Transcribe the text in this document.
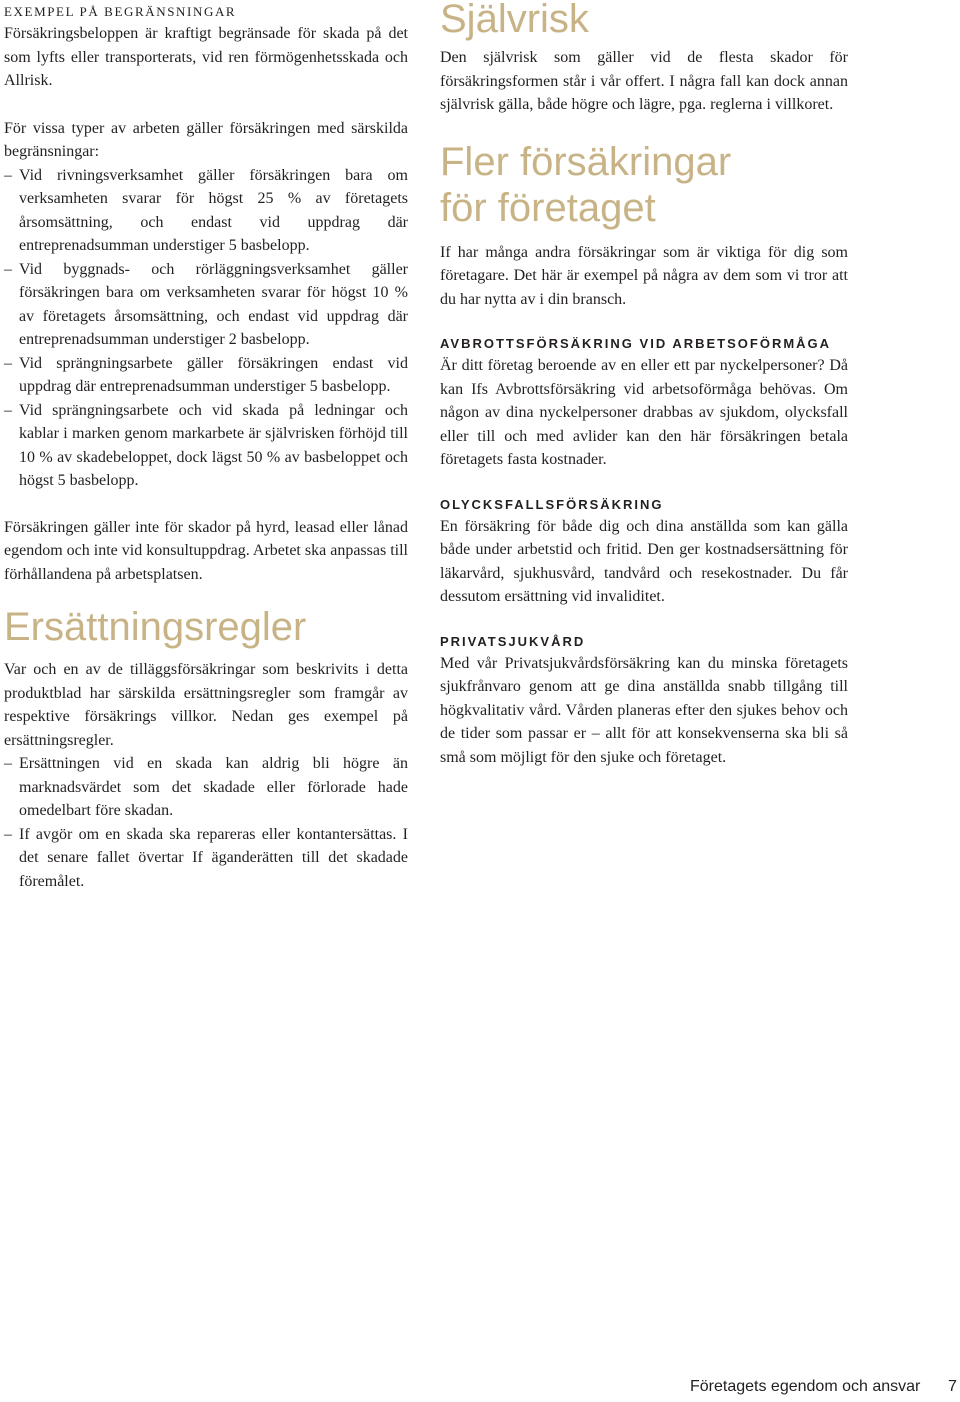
EXEMPEL PÅ BEGRÄNSNINGAR

Försäkringsbeloppen är kraftigt begränsade för skada på det som lyfts eller transporterats, vid ren förmögenhetsskada och Allrisk.

För vissa typer av arbeten gäller försäkringen med särskilda begränsningar:

– Vid rivningsverksamhet gäller försäkringen bara om verksamheten svarar för högst 25 % av företagets årsomsättning, och endast vid uppdrag där entreprenadsumman understiger 5 basbelopp.
– Vid byggnads- och rörläggningsverksamhet gäller försäkringen bara om verksamheten svarar för högst 10 % av företagets årsomsättning, och endast vid uppdrag där entreprenadsumman understiger 2 basbelopp.
– Vid sprängningsarbete gäller försäkringen endast vid uppdrag där entreprenadsumman understiger 5 basbelopp.
– Vid sprängningsarbete och vid skada på ledningar och kablar i marken genom markarbete är självrisken förhöjd till 10 % av skadebeloppet, dock lägst 50 % av basbeloppet och högst 5 basbelopp.

Försäkringen gäller inte för skador på hyrd, leasad eller lånad egendom och inte vid konsultuppdrag. Arbetet ska anpassas till förhållandena på arbetsplatsen.

Ersättningsregler

Var och en av de tilläggsförsäkringar som beskrivits i detta produktblad har särskilda ersättningsregler som framgår av respektive försäkrings villkor. Nedan ges exempel på ersättningsregler.

– Ersättningen vid en skada kan aldrig bli högre än marknadsvärdet som det skadade eller förlorade hade omedelbart före skadan.
– If avgör om en skada ska repareras eller kontantersättas. I det senare fallet övertar If äganderätten till det skadade föremålet.
Självrisk

Den självrisk som gäller vid de flesta skador för försäkringsformen står i vår offert. I några fall kan dock annan självrisk gälla, både högre och lägre, pga. reglerna i villkoret.

Fler försäkringar
för företaget

If har många andra försäkringar som är viktiga för dig som företagare. Det här är exempel på några av dem som vi tror att du har nytta av i din bransch.

AVBROTTSFÖRSÄKRING VID ARBETSOFÖRMÅGA

Är ditt företag beroende av en eller ett par nyckelpersoner? Då kan Ifs Avbrottsförsäkring vid arbetsoförmåga behövas. Om någon av dina nyckelpersoner drabbas av sjukdom, olycksfall eller till och med avlider kan den här försäkringen betala företagets fasta kostnader.

OLYCKSFALLSFÖRSÄKRING

En försäkring för både dig och dina anställda som kan gälla både under arbetstid och fritid. Den ger kostnadsersättning för läkarvård, sjukhusvård, tandvård och resekostnader. Du får dessutom ersättning vid invaliditet.

PRIVATSJUKVÅRD

Med vår Privatsjukvårdsförsäkring kan du minska företagets sjukfrånvaro genom att ge dina anställda snabb tillgång till högkvalitativ vård. Vården planeras efter den sjukes behov och de tider som passar er – allt för att konsekvenserna ska bli så små som möjligt för den sjuke och företaget.

Företagets egendom och ansvar 7
